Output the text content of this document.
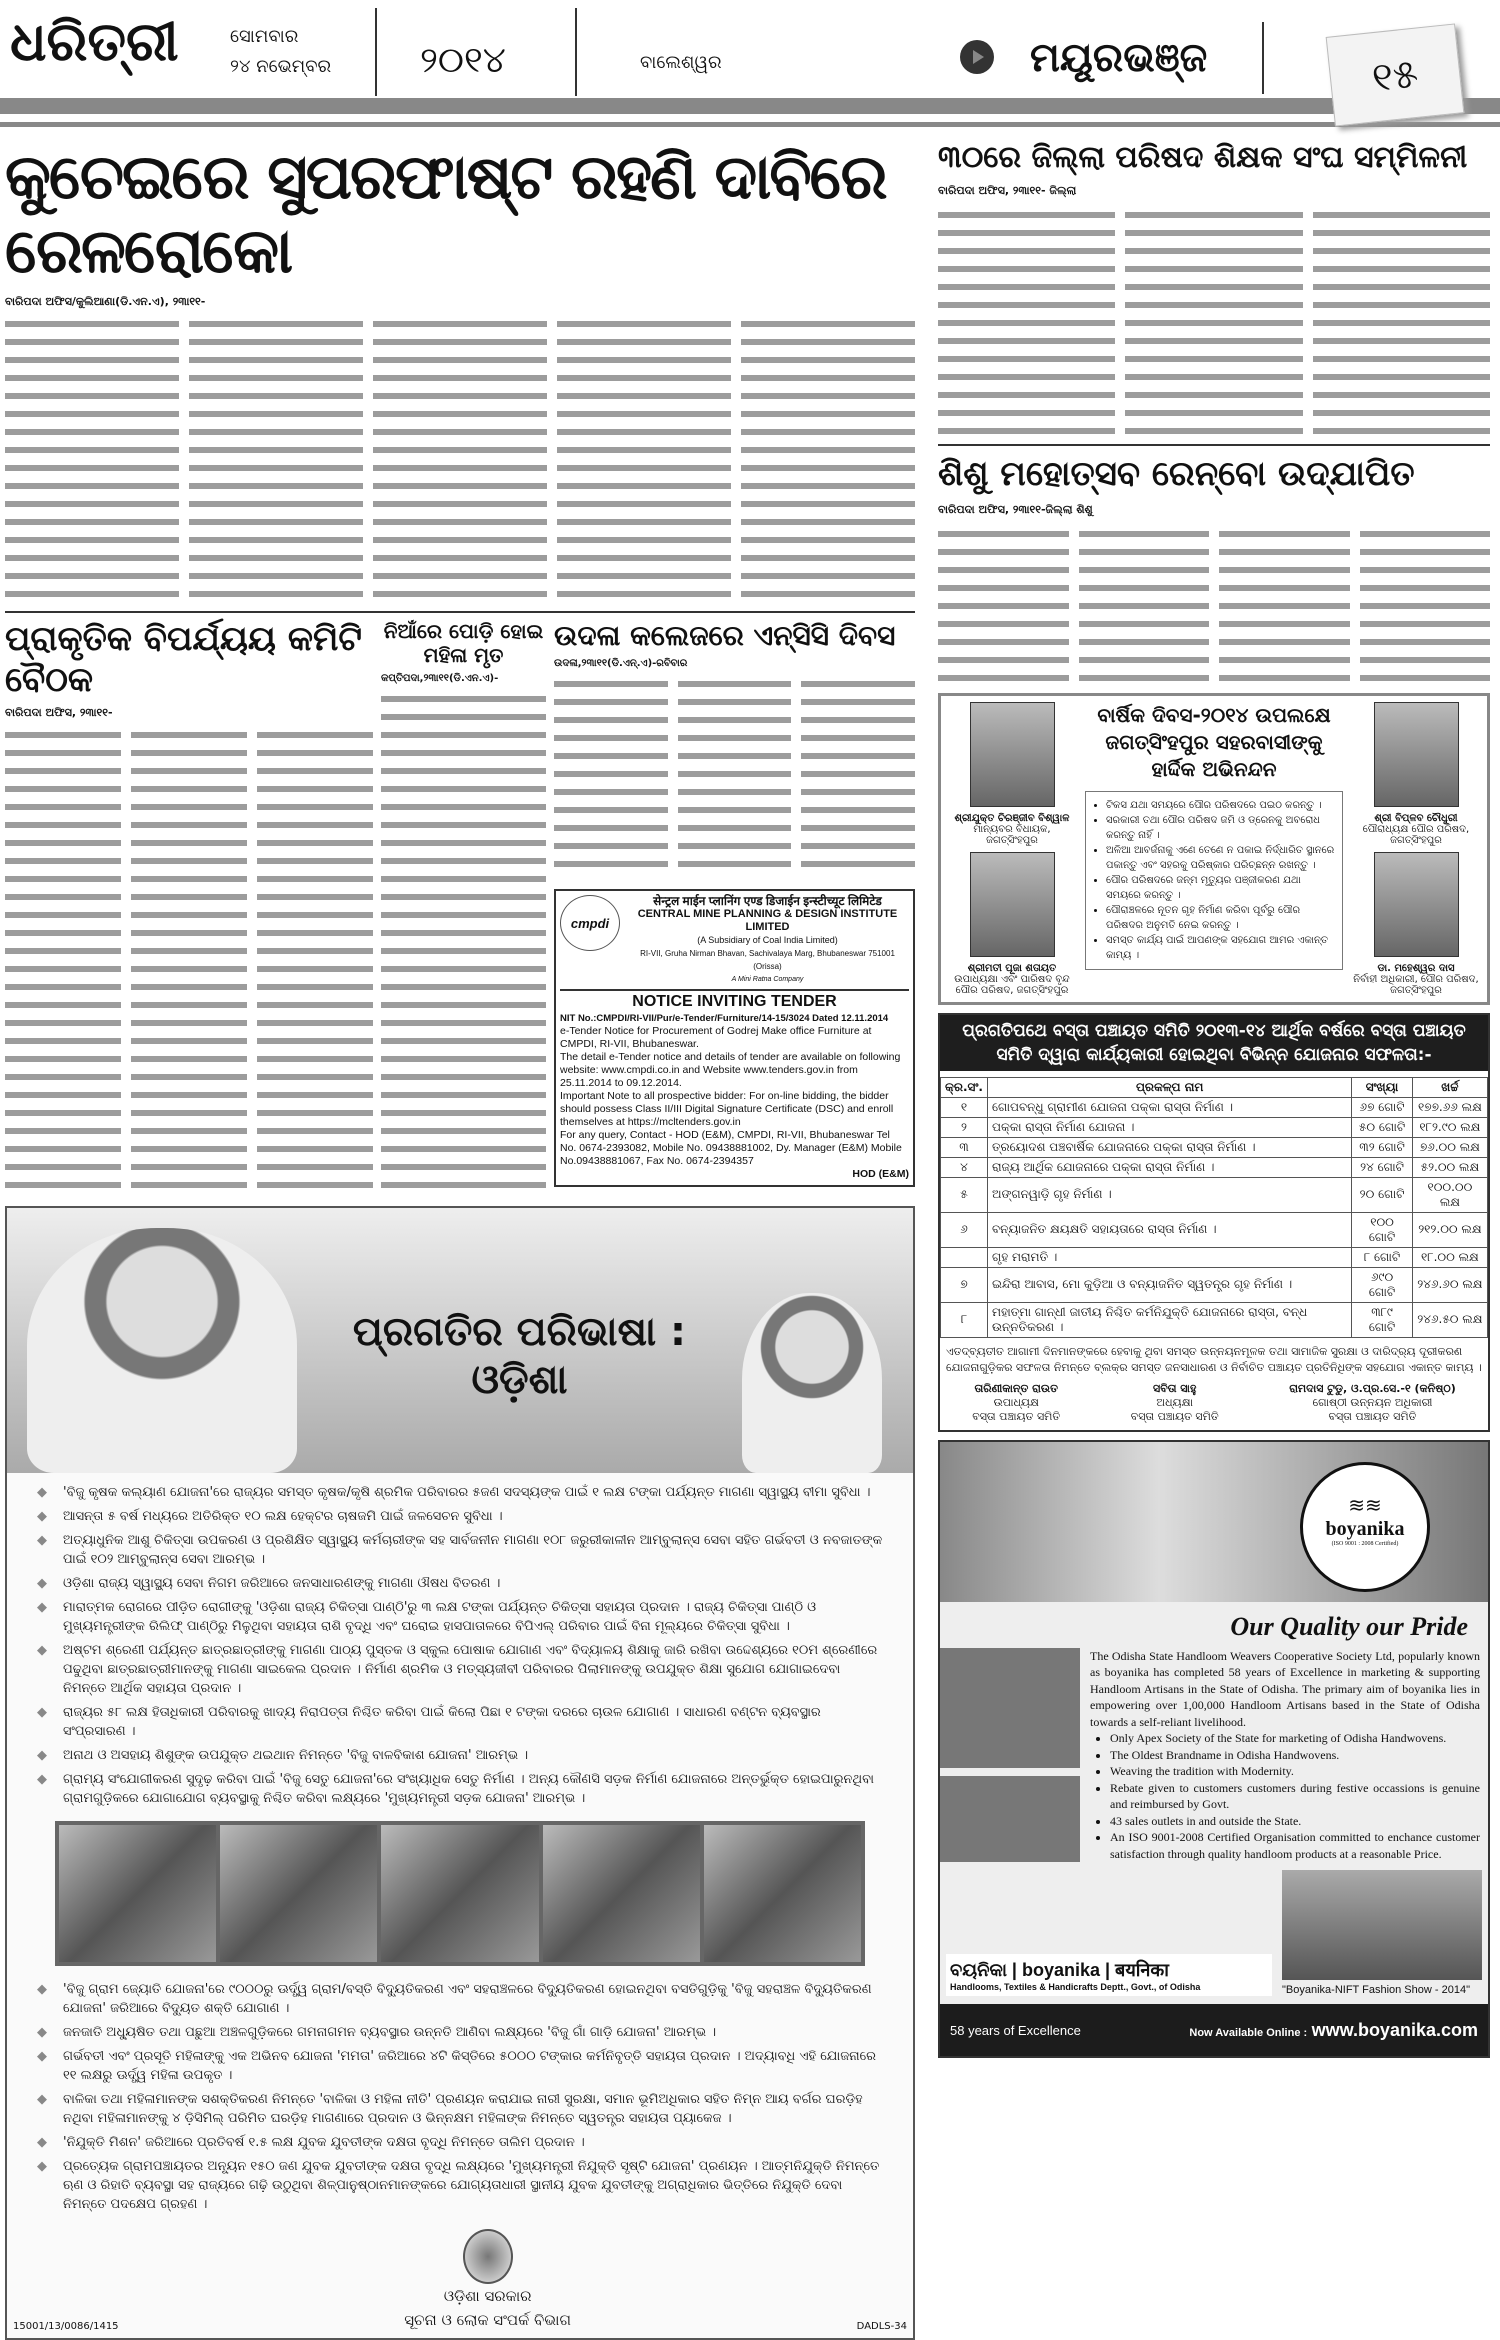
ଧରିତ୍ରୀ	ସୋମବାର
୨୪ ନଭେମ୍ବର ୨୦୧୪	ବାଲେଶ୍ୱର	ମୟୂରଭଞ୍ଜ	୧୫
କୁଚେଇରେ ସୁପରଫାଷ୍ଟ ରହଣି ଦାବିରେ ରେଳରୋକୋ
ବାରିପଦା ଅଫିସ/କୁଲିଆଣା(ଡି.ଏନ.ଏ), ୨୩ା୧୧-
ପ୍ରାକୃତିକ ବିପର୍ଯ୍ୟୟ କମିଟି ବୈଠକ
ବାରିପଦା ଅଫିସ, ୨୩ା୧୧-
ନିଆଁରେ ପୋଡ଼ି ହୋଇ ମହିଳା ମୃତ
କପ୍ତିପଦା,୨୩ା୧୧(ଡି.ଏନ.ଏ)-
ଉଦଳା କଲେଜରେ ଏନ୍‌ସିସି ଦିବସ
ଉଦଳା,୨୩ା୧୧(ଡି.ଏନ୍.ଏ)-ରବିବାର
cmpdi
सेन्ट्रल माईन प्लानिंग एण्ड डिजाईन इन्स्टीच्यूट लिमिटेड
CENTRAL MINE PLANNING & DESIGN INSTITUTE LIMITED
(A Subsidiary of Coal India Limited)
RI-VII, Gruha Nirman Bhavan, Sachivalaya Marg, Bhubaneswar 751001 (Orissa)
A Mini Ratna Company
NOTICE INVITING TENDER
NIT No.:CMPDI/RI-VII/Pur/e-Tender/Furniture/14-15/3024 Dated 12.11.2014
e-Tender Notice for Procurement of Godrej Make office Furniture at CMPDI, RI-VII, Bhubaneswar.
The detail e-Tender notice and details of tender are available on following website: www.cmpdi.co.in and Website www.tenders.gov.in from 25.11.2014 to 09.12.2014.
Important Note to all prospective bidder: For on-line bidding, the bidder should possess Class II/III Digital Signature Certificate (DSC) and enroll themselves at https://mcltenders.gov.in
For any query, Contact - HOD (E&M), CMPDI, RI-VII, Bhubaneswar Tel No. 0674-2393082, Mobile No. 09438881002, Dy. Manager (E&M) Mobile No.09438881067, Fax No. 0674-2394357
HOD (E&M)
ପ୍ରଗତିର ପରିଭାଷା : ଓଡ଼ିଶା
◆ 'ବିଜୁ କୃଷକ କଲ୍ୟାଣ ଯୋଜନା'ରେ ରାଜ୍ୟର ସମସ୍ତ କୃଷକ/କୃଷି ଶ୍ରମିକ ପରିବାରର ୫ଜଣ ସଦସ୍ୟଙ୍କ ପାଇଁ ୧ ଲକ୍ଷ ଟଙ୍କା ପର୍ଯ୍ୟନ୍ତ ମାଗଣା ସ୍ୱାସ୍ଥ୍ୟ ବୀମା ସୁବିଧା ।
◆ ଆସନ୍ତା ୫ ବର୍ଷ ମଧ୍ୟରେ ଅତିରିକ୍ତ ୧୦ ଲକ୍ଷ ହେକ୍ଟର ଚାଷଜମି ପାଇଁ ଜଳସେଚନ ସୁବିଧା ।
◆ ଅତ୍ୟାଧୁନିକ ଆଶୁ ଚିକିତ୍ସା ଉପକରଣ ଓ ପ୍ରଶିକ୍ଷିତ ସ୍ୱାସ୍ଥ୍ୟ କର୍ମଚାରୀଙ୍କ ସହ ସାର୍ବଜନୀନ ମାଗଣା ୧୦୮ ଜରୁରୀକାଳୀନ ଆମ୍ବୁଲାନ୍ସ ସେବା ସହିତ ଗର୍ଭବତୀ ଓ ନବଜାତଙ୍କ ପାଇଁ ୧୦୨ ଆମ୍ବୁଲାନ୍ସ ସେବା ଆରମ୍ଭ ।
◆ ଓଡ଼ିଶା ରାଜ୍ୟ ସ୍ୱାସ୍ଥ୍ୟ ସେବା ନିଗମ ଜରିଆରେ ଜନସାଧାରଣଙ୍କୁ ମାଗଣା ଔଷଧ ବିତରଣ ।
◆ ମାରାତ୍ମକ ରୋଗରେ ପୀଡ଼ିତ ରୋଗୀଙ୍କୁ 'ଓଡ଼ିଶା ରାଜ୍ୟ ଚିକିତ୍ସା ପାଣ୍ଠି'ରୁ ୩ ଲକ୍ଷ ଟଙ୍କା ପର୍ଯ୍ୟନ୍ତ ଚିକିତ୍ସା ସହାୟତା ପ୍ରଦାନ । ରାଜ୍ୟ ଚିକିତ୍ସା ପାଣ୍ଠି ଓ ମୁଖ୍ୟମନ୍ତ୍ରୀଙ୍କ ରିଲିଫ୍ ପାଣ୍ଠିରୁ ମିଳୁଥିବା ସହାୟତା ରାଶି ବୃଦ୍ଧି ଏବଂ ଘରୋଇ ହାସପାତାଳରେ ବିପିଏଲ୍ ପରିବାର ପାଇଁ ବିନା ମୂଲ୍ୟରେ ଚିକିତ୍ସା ସୁବିଧା ।
◆ ଅଷ୍ଟମ ଶ୍ରେଣୀ ପର୍ଯ୍ୟନ୍ତ ଛାତ୍ରଛାତ୍ରୀଙ୍କୁ ମାଗଣା ପାଠ୍ୟ ପୁସ୍ତକ ଓ ସ୍କୁଲ ପୋଷାକ ଯୋଗାଣ ଏବଂ ବିଦ୍ୟାଳୟ ଶିକ୍ଷାକୁ ଜାରି ରଖିବା ଉଦ୍ଦେଶ୍ୟରେ ୧୦ମ ଶ୍ରେଣୀରେ ପଢୁଥିବା ଛାତ୍ରଛାତ୍ରୀମାନଙ୍କୁ ମାଗଣା ସାଇକେଲ ପ୍ରଦାନ । ନିର୍ମାଣ ଶ୍ରମିକ ଓ ମତ୍ସ୍ୟଜୀବୀ ପରିବାରର ପିଲାମାନଙ୍କୁ ଉପଯୁକ୍ତ ଶିକ୍ଷା ସୁଯୋଗ ଯୋଗାଇଦେବା ନିମନ୍ତେ ଆର୍ଥିକ ସହାୟତା ପ୍ରଦାନ ।
◆ ରାଜ୍ୟର ୫୮ ଲକ୍ଷ ହିତାଧିକାରୀ ପରିବାରକୁ ଖାଦ୍ୟ ନିରାପତ୍ତା ନିଶ୍ଚିତ କରିବା ପାଇଁ କିଲୋ ପିଛା ୧ ଟଙ୍କା ଦରରେ ଚାଉଳ ଯୋଗାଣ । ସାଧାରଣ ବଣ୍ଟନ ବ୍ୟବସ୍ଥାର ସଂପ୍ରସାରଣ ।
◆ ଅନାଥ ଓ ଅସହାୟ ଶିଶୁଙ୍କ ଉପଯୁକ୍ତ ଥଇଥାନ ନିମନ୍ତେ 'ବିଜୁ ବାଳବିକାଶ ଯୋଜନା' ଆରମ୍ଭ ।
◆ ଗ୍ରାମ୍ୟ ସଂଯୋଗୀକରଣ ସୁଦୃଢ଼ କରିବା ପାଇଁ 'ବିଜୁ ସେତୁ ଯୋଜନା'ରେ ସଂଖ୍ୟାଧିକ ସେତୁ ନିର୍ମାଣ । ଅନ୍ୟ କୌଣସି ସଡ଼କ ନିର୍ମାଣ ଯୋଜନାରେ ଅନ୍ତର୍ଭୁକ୍ତ ହୋଇପାରୁନଥିବା ଗ୍ରାମଗୁଡ଼ିକରେ ଯୋଗାଯୋଗ ବ୍ୟବସ୍ଥାକୁ ନିଶ୍ଚିତ କରିବା ଲକ୍ଷ୍ୟରେ 'ମୁଖ୍ୟମନ୍ତ୍ରୀ ସଡ଼କ ଯୋଜନା' ଆରମ୍ଭ ।
◆ 'ବିଜୁ ଗ୍ରାମ ଜ୍ୟୋତି ଯୋଜନା'ରେ ୯୦୦୦ରୁ ଊର୍ଦ୍ଧ୍ୱ ଗ୍ରାମ/ବସ୍ତି ବିଦ୍ୟୁତିକରଣ ଏବଂ ସହରାଞ୍ଚଳରେ ବିଦ୍ୟୁତିକରଣ ହୋଇନଥିବା ବସତିଗୁଡ଼ିକୁ 'ବିଜୁ ସହରାଞ୍ଚଳ ବିଦ୍ୟୁତିକରଣ ଯୋଜନା' ଜରିଆରେ ବିଦ୍ୟୁତ ଶକ୍ତି ଯୋଗାଣ ।
◆ ଜନଜାତି ଅଧ୍ୟୁଷିତ ତଥା ପଛୁଆ ଅଞ୍ଚଳଗୁଡ଼ିକରେ ଗମନାଗମନ ବ୍ୟବସ୍ଥାର ଉନ୍ନତି ଆଣିବା ଲକ୍ଷ୍ୟରେ 'ବିଜୁ ଗାଁ ଗାଡ଼ି ଯୋଜନା' ଆରମ୍ଭ ।
◆ ଗର୍ଭବତୀ ଏବଂ ପ୍ରସୂତି ମହିଳାଙ୍କୁ ଏକ ଅଭିନବ ଯୋଜନା 'ମମତା' ଜରିଆରେ ୪ଟି କିସ୍ତିରେ ୫୦୦୦ ଟଙ୍କାର କର୍ମନିବୃତ୍ତି ସହାୟତା ପ୍ରଦାନ । ଅଦ୍ୟାବଧି ଏହି ଯୋଜନାରେ ୧୧ ଲକ୍ଷରୁ ଊର୍ଦ୍ଧ୍ୱ ମହିଳା ଉପକୃତ ।
◆ ବାଳିକା ତଥା ମହିଳାମାନଙ୍କ ସଶକ୍ତିକରଣ ନିମନ୍ତେ 'ବାଳିକା ଓ ମହିଳା ନୀତି' ପ୍ରଣୟନ କରାଯାଇ ନାରୀ ସୁରକ୍ଷା, ସମାନ ଭୂମିଅଧିକାର ସହିତ ନିମ୍ନ ଆୟ ବର୍ଗର ଘରଡ଼ିହ ନଥିବା ମହିଳାମାନଙ୍କୁ ୪ ଡ଼ିସିମିଲ୍ ପରିମିତ ଘରଡ଼ିହ ମାଗଣାରେ ପ୍ରଦାନ ଓ ଭିନ୍ନକ୍ଷମ ମହିଳାଙ୍କ ନିମନ୍ତେ ସ୍ୱତନ୍ତ୍ର ସହାୟତା ପ୍ୟାକେଜ ।
◆ 'ନିଯୁକ୍ତି ମିଶନ' ଜରିଆରେ ପ୍ରତିବର୍ଷ ୧.୫ ଲକ୍ଷ ଯୁବକ ଯୁବତୀଙ୍କ ଦକ୍ଷତା ବୃଦ୍ଧି ନିମନ୍ତେ ତାଲିମ ପ୍ରଦାନ ।
◆ ପ୍ରତ୍ୟେକ ଗ୍ରାମପଞ୍ଚାୟତର ଅନ୍ୟୂନ ୧୫୦ ଜଣ ଯୁବକ ଯୁବତୀଙ୍କ ଦକ୍ଷତା ବୃଦ୍ଧି ଲକ୍ଷ୍ୟରେ 'ମୁଖ୍ୟମନ୍ତ୍ରୀ ନିଯୁକ୍ତି ସୃଷ୍ଟି ଯୋଜନା' ପ୍ରଣୟନ । ଆତ୍ମନିଯୁକ୍ତି ନିମନ୍ତେ ଋଣ ଓ ରିହାତି ବ୍ୟବସ୍ଥା ସହ ରାଜ୍ୟରେ ଗଢ଼ି ଉଠୁଥିବା ଶିଳ୍ପାନୁଷ୍ଠାନମାନଙ୍କରେ ଯୋଗ୍ୟତାଧାରୀ ସ୍ଥାନୀୟ ଯୁବକ ଯୁବତୀଙ୍କୁ ଅଗ୍ରାଧିକାର ଭିତ୍ତିରେ ନିଯୁକ୍ତି ଦେବା ନିମନ୍ତେ ପଦକ୍ଷେପ ଗ୍ରହଣ ।
15001/13/0086/1415
ଓଡ଼ିଶା ସରକାର
ସୂଚନା ଓ ଲୋକ ସଂପର୍କ ବିଭାଗ	DADLS-34
୩୦ରେ ଜିଲ୍ଲା ପରିଷଦ ଶିକ୍ଷକ ସଂଘ ସମ୍ମିଳନୀ
ବାରିପଦା ଅଫିସ, ୨୩ା୧୧- ଜିଲ୍ଲା
ଶିଶୁ ମହୋତ୍ସବ ରେନ୍‌ବୋ ଉଦ୍‌ଯାପିତ
ବାରିପଦା ଅଫିସ, ୨୩ା୧୧-ଜିଲ୍ଲା ଶିଶୁ
ଶ୍ରୀଯୁକ୍ତ ଚିରଞ୍ଜୀବ ବିଶ୍ୱାଳ
ମାନ୍ୟବର ବିଧାୟକ, ଜଗତ୍‌ସିଂହପୁର
ଶ୍ରୀମତୀ ପୂଜା ଶତାୟତ
ଉପାଧ୍ୟକ୍ଷା ଏବଂ ପାରିଷଦ ବୃନ୍ଦ ପୌର ପରିଷଦ, ଜଗତ୍‌ସିଂହପୁର
ବାର୍ଷିକ ଦିବସ-୨୦୧୪ ଉପଲକ୍ଷେ ଜଗତ୍‌ସିଂହପୁର ସହରବାସୀଙ୍କୁ ହାର୍ଦ୍ଦିକ ଅଭିନନ୍ଦନ
• ଟିକସ ଯଥା ସମୟରେ ପୌର ପରିଷଦରେ ପଇଠ କରନ୍ତୁ ।
• ସରକାରୀ ତଥା ପୌର ପରିଷଦ ଜମି ଓ ଡ୍ରେନକୁ ଅବରୋଧ କରନ୍ତୁ ନାହିଁ ।
• ଅଳିଆ ଆବର୍ଜନାକୁ ଏଣେ ତେଣେ ନ ପକାଇ ନିର୍ଦ୍ଧାରିତ ସ୍ଥାନରେ ପକାନ୍ତୁ ଏବଂ ସହରକୁ ପରିଷ୍କାର ପରିଚ୍ଛନ୍ନ ରଖନ୍ତୁ ।
• ପୌର ପରିଷଦରେ ଜନ୍ମ ମୃତ୍ୟୁର ପଞ୍ଜୀକରଣ ଯଥା ସମୟରେ କରନ୍ତୁ ।
• ପୌରାଞ୍ଚଳରେ ନୂତନ ଗୃହ ନିର୍ମାଣ କରିବା ପୂର୍ବରୁ ପୌର ପରିଷଦର ଅନୁମତି ନେଇ କରନ୍ତୁ ।
• ସମସ୍ତ କାର୍ଯ୍ୟ ପାଇଁ ଆପଣଙ୍କ ସହଯୋଗ ଆମର ଏକାନ୍ତ କାମ୍ୟ ।
ଶ୍ରୀ ବିପ୍ଳବ ଚୌଧୁରୀ
ପୌରାଧ୍ୟକ୍ଷ ପୌର ପରିଷଦ, ଜଗତ୍‌ସିଂହପୁର
ଡା. ମହେଶ୍ୱର ଦାସ
ନିର୍ବାହୀ ଅଧିକାରୀ, ପୌର ପରିଷଦ, ଜଗତ୍‌ସିଂହପୁର
ପ୍ରଗତିପଥେ ବସ୍ତା ପଞ୍ଚାୟତ ସମିତି ୨୦୧୩-୧୪ ଆର୍ଥିକ ବର୍ଷରେ ବସ୍ତା ପଞ୍ଚାୟତ ସମିତି ଦ୍ୱାରା କାର୍ଯ୍ୟକାରୀ ହୋଇଥିବା ବିଭିନ୍ନ ଯୋଜନାର ସଫଳତା:-
କ୍ର.ସଂ.	ପ୍ରକଳ୍ପ ନାମ	ସଂଖ୍ୟା	ଖର୍ଚ୍ଚ
୧	ଗୋପବନ୍ଧୁ ଗ୍ରାମୀଣ ଯୋଜନା ପକ୍କା ରାସ୍ତା ନିର୍ମାଣ ।	୬୭ ଗୋଟି	୧୭୭.୬୬ ଲକ୍ଷ
୨	ପକ୍କା ରାସ୍ତା ନିର୍ମାଣ ଯୋଜନା ।	୫୦ ଗୋଟି	୧୮୨.୯୦ ଲକ୍ଷ
୩	ତ୍ରୟୋଦଶ ପଞ୍ଚବାର୍ଷିକ ଯୋଜନାରେ ପକ୍କା ରାସ୍ତା ନିର୍ମାଣ ।	୩୨ ଗୋଟି	୭୬.୦୦ ଲକ୍ଷ
୪	ରାଜ୍ୟ ଆର୍ଥିକ ଯୋଜନାରେ ପକ୍କା ରାସ୍ତା ନିର୍ମାଣ ।	୨୪ ଗୋଟି	୫୨.୦୦ ଲକ୍ଷ
୫	ଅଙ୍ଗନୱାଡ଼ି ଗୃହ ନିର୍ମାଣ ।	୨୦ ଗୋଟି	୧୦୦.୦୦ ଲକ୍ଷ
୬	ବନ୍ୟାଜନିତ କ୍ଷୟକ୍ଷତି ସହାୟତାରେ ରାସ୍ତା ନିର୍ମାଣ ।	୧୦୦ ଗୋଟି	୨୧୨.୦୦ ଲକ୍ଷ
	ଗୃହ ମରାମତି ।	୮ ଗୋଟି	୧୮.୦୦ ଲକ୍ଷ
୭	ଇନ୍ଦିରା ଆବାସ, ମୋ କୁଡ଼ିଆ ଓ ବନ୍ୟାଜନିତ ସ୍ୱତନ୍ତ୍ର ଗୃହ ନିର୍ମାଣ ।	୬୯୦ ଗୋଟି	୨୪୬.୬୦ ଲକ୍ଷ
୮	ମହାତ୍ମା ଗାନ୍ଧୀ ଜାତୀୟ ନିଶ୍ଚିତ କର୍ମନିଯୁକ୍ତି ଯୋଜନାରେ ରାସ୍ତା, ବନ୍ଧ ଉନ୍ନତିକରଣ ।	୩୮୯ ଗୋଟି	୨୪୬.୫୦ ଲକ୍ଷ
ଏତଦ୍‌ବ୍ୟତୀତ ଆଗାମୀ ଦିନମାନଙ୍କରେ ହେବାକୁ ଥିବା ସମସ୍ତ ଉନ୍ନୟନମୂଳକ ତଥା ସାମାଜିକ ସୁରକ୍ଷା ଓ ଦାରିଦ୍ର୍ୟ ଦୂରୀକରଣ ଯୋଜନାଗୁଡ଼ିକର ସଫଳତା ନିମନ୍ତେ ବ୍ଲକ୍‌ର ସମସ୍ତ ଜନସାଧାରଣ ଓ ନିର୍ବାଚିତ ପଞ୍ଚାୟତ ପ୍ରତିନିଧିଙ୍କ ସହଯୋଗ ଏକାନ୍ତ କାମ୍ୟ ।
ତାରିଣୀକାନ୍ତ ରାଉତ
ଉପାଧ୍ୟକ୍ଷ
ବସ୍ତା ପଞ୍ଚାୟତ ସମିତି
ସବିତା ସାହୁ
ଅଧ୍ୟକ୍ଷା
ବସ୍ତା ପଞ୍ଚାୟତ ସମିତି
ରାମଦାସ ଟୁଡୁ, ଓ.ପ୍ର.ସେ.-୧ (କନିଷ୍ଠ)
ଗୋଷ୍ଠୀ ଉନ୍ନୟନ ଅଧିକାରୀ
ବସ୍ତା ପଞ୍ଚାୟତ ସମିତି
≋≋
boyanika
(ISO 9001 : 2008 Certified)
Our Quality our Pride
The Odisha State Handloom Weavers Cooperative Society Ltd, popularly known as boyanika has completed 58 years of Excellence in marketing & supporting Handloom Artisans in the State of Odisha. The primary aim of boyanika lies in empowering over 1,00,000 Handloom Artisans based in the State of Odisha towards a self-reliant livelihood.
• Only Apex Society of the State for marketing of Odisha Handwovens.
• The Oldest Brandname in Odisha Handwovens.
• Weaving the tradition with Modernity.
• Rebate given to customers customers during festive occassions is genuine and reimbursed by Govt.
• 43 sales outlets in and outside the State.
• An ISO 9001-2008 Certified Organisation committed to enchance customer satisfaction through quality handloom products at a reasonable Price.
ବୟନିକା | boyanika | बयनिका
Handlooms, Textiles & Handicrafts Deptt., Govt., of Odisha	"Boyanika-NIFT Fashion Show - 2014"
58 years of Excellence	Now Available Online : www.boyanika.com
